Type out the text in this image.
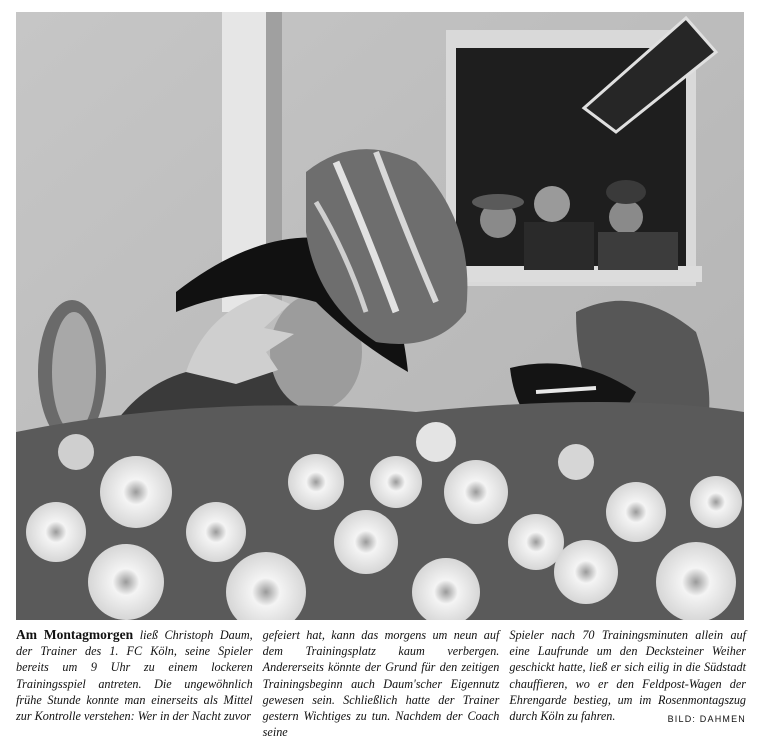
Am Montagmorgen ließ Christoph Daum, der Trainer des 1. FC Köln, seine Spieler bereits um 9 Uhr zu einem lockeren Trainingsspiel antreten. Die ungewöhnlich frühe Stunde konnte man einerseits als Mittel zur Kontrolle verstehen: Wer in der Nacht zuvor
gefeiert hat, kann das morgens um neun auf dem Trainingsplatz kaum verbergen. Andererseits könnte der Grund für den zeitigen Trainingsbeginn auch Daum'scher Eigennutz gewesen sein. Schließlich hatte der Trainer gestern Wichtiges zu tun. Nachdem der Coach seine
Spieler nach 70 Trainingsminuten allein auf eine Laufrunde um den Decksteiner Weiher geschickt hatte, ließ er sich eilig in die Südstadt chauffieren, wo er den Feldpost-Wagen der Ehrengarde bestieg, um im Rosenmontagszug durch Köln zu fahren.	BILD: DAHMEN
